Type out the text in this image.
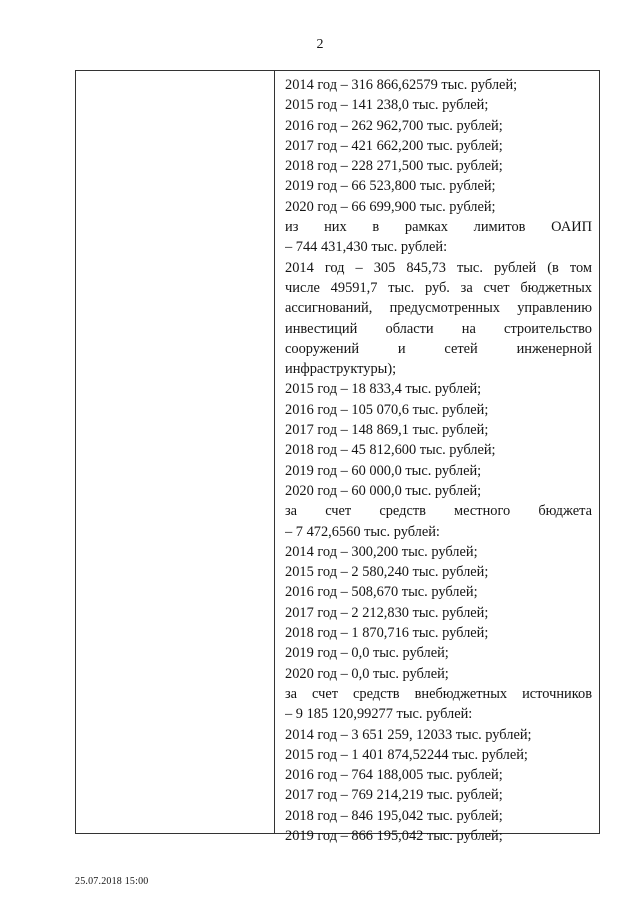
2
2014 год – 316 866,62579 тыс. рублей;
2015 год – 141 238,0 тыс. рублей;
2016 год – 262 962,700 тыс. рублей;
2017 год – 421 662,200 тыс. рублей;
2018 год – 228 271,500 тыс. рублей;
2019 год – 66 523,800 тыс. рублей;
2020 год – 66 699,900 тыс. рублей;
из них в рамках лимитов ОАИП
– 744 431,430 тыс. рублей:
2014 год – 305 845,73 тыс. рублей (в том
числе 49591,7 тыс. руб. за счет бюджетных
ассигнований, предусмотренных управлению
инвестиций области на строительство
сооружений и сетей инженерной
инфраструктуры);
2015 год – 18 833,4 тыс. рублей;
2016 год – 105 070,6 тыс. рублей;
2017 год – 148 869,1 тыс. рублей;
2018 год – 45 812,600 тыс. рублей;
2019 год – 60 000,0 тыс. рублей;
2020 год – 60 000,0 тыс. рублей;
за счет средств местного бюджета
– 7 472,6560 тыс. рублей:
2014 год – 300,200 тыс. рублей;
2015 год – 2 580,240 тыс. рублей;
2016 год – 508,670 тыс. рублей;
2017 год – 2 212,830 тыс. рублей;
2018 год – 1 870,716 тыс. рублей;
2019 год – 0,0 тыс. рублей;
2020 год – 0,0 тыс. рублей;
за счет средств внебюджетных источников
– 9 185 120,99277 тыс. рублей:
2014 год – 3 651 259, 12033 тыс. рублей;
2015 год – 1 401 874,52244 тыс. рублей;
2016 год – 764 188,005 тыс. рублей;
2017 год – 769 214,219 тыс. рублей;
2018 год – 846 195,042 тыс. рублей;
2019 год – 866 195,042 тыс. рублей;
25.07.2018 15:00
